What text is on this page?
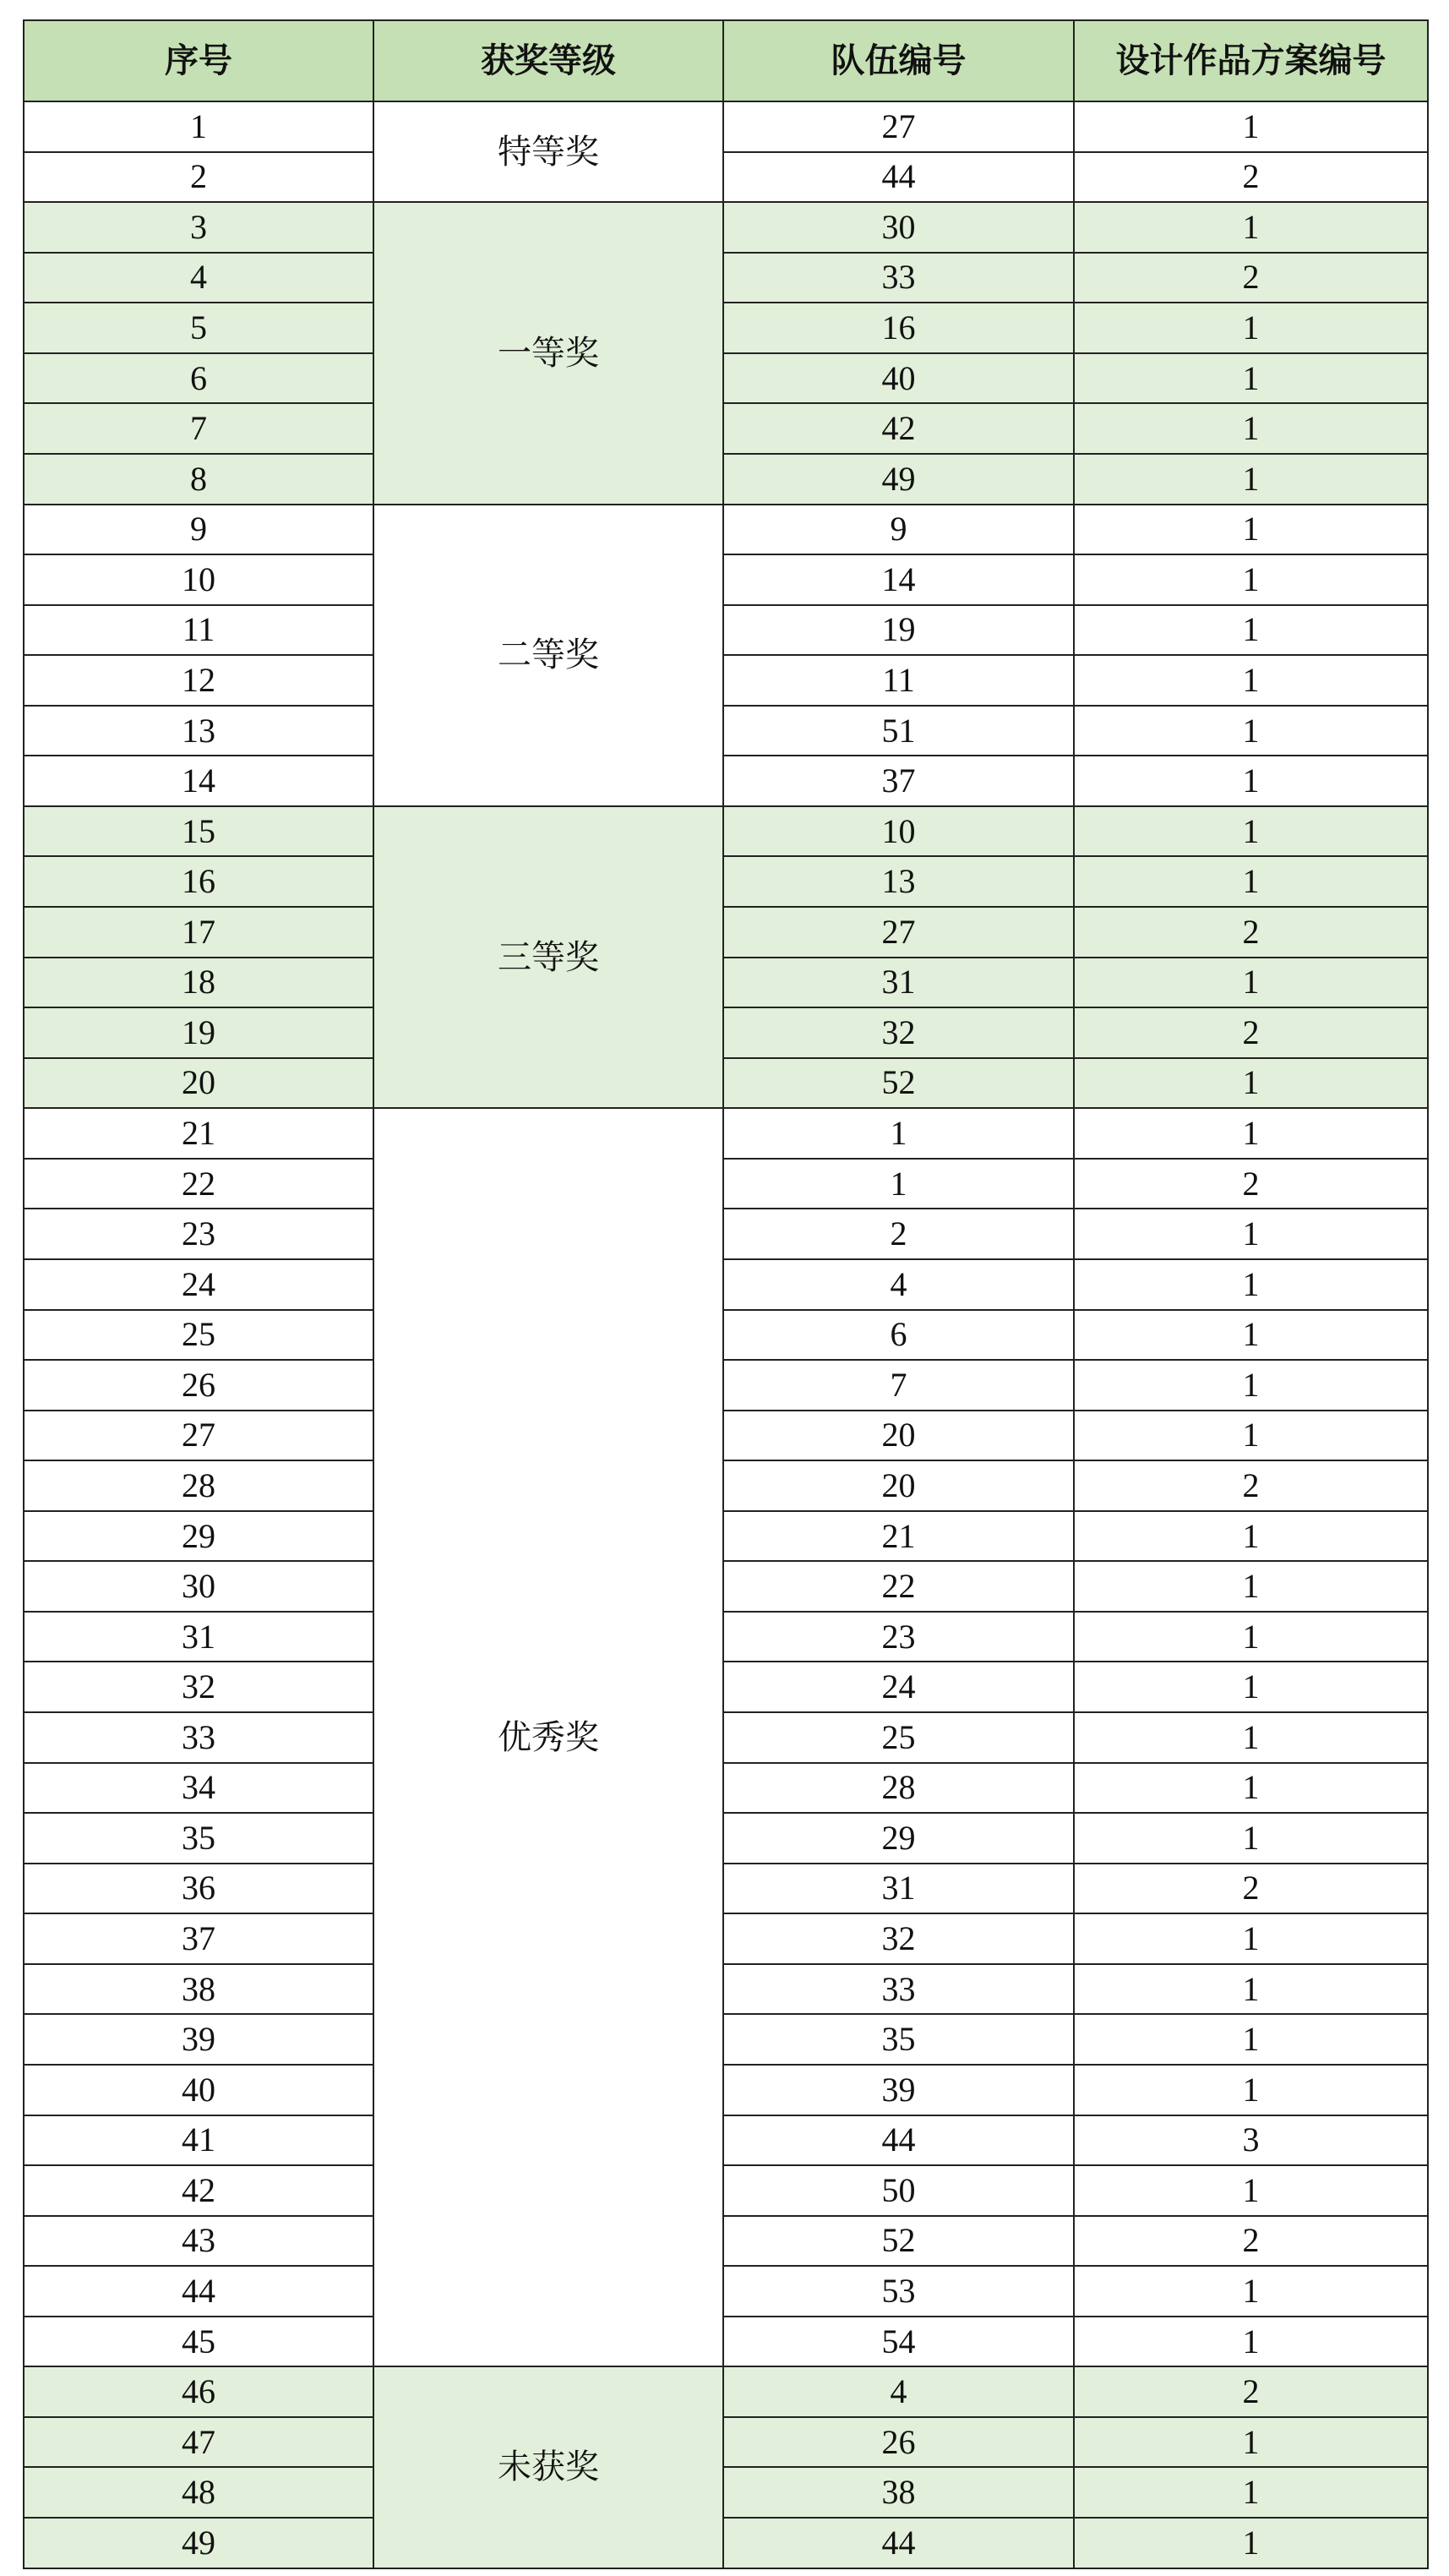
序号	获奖等级	队伍编号	设计作品方案编号
1	特等奖	27	1
2		44	2
3	一等奖	30	1
4		33	2
5		16	1
6		40	1
7		42	1
8		49	1
9	二等奖	9	1
10		14	1
11		19	1
12		11	1
13		51	1
14		37	1
15	三等奖	10	1
16		13	1
17		27	2
18		31	1
19		32	2
20		52	1
21	优秀奖	1	1
22		1	2
23		2	1
24		4	1
25		6	1
26		7	1
27		20	1
28		20	2
29		21	1
30		22	1
31		23	1
32		24	1
33		25	1
34		28	1
35		29	1
36		31	2
37		32	1
38		33	1
39		35	1
40		39	1
41		44	3
42		50	1
43		52	2
44		53	1
45		54	1
46	未获奖	4	2
47		26	1
48		38	1
49		44	1
